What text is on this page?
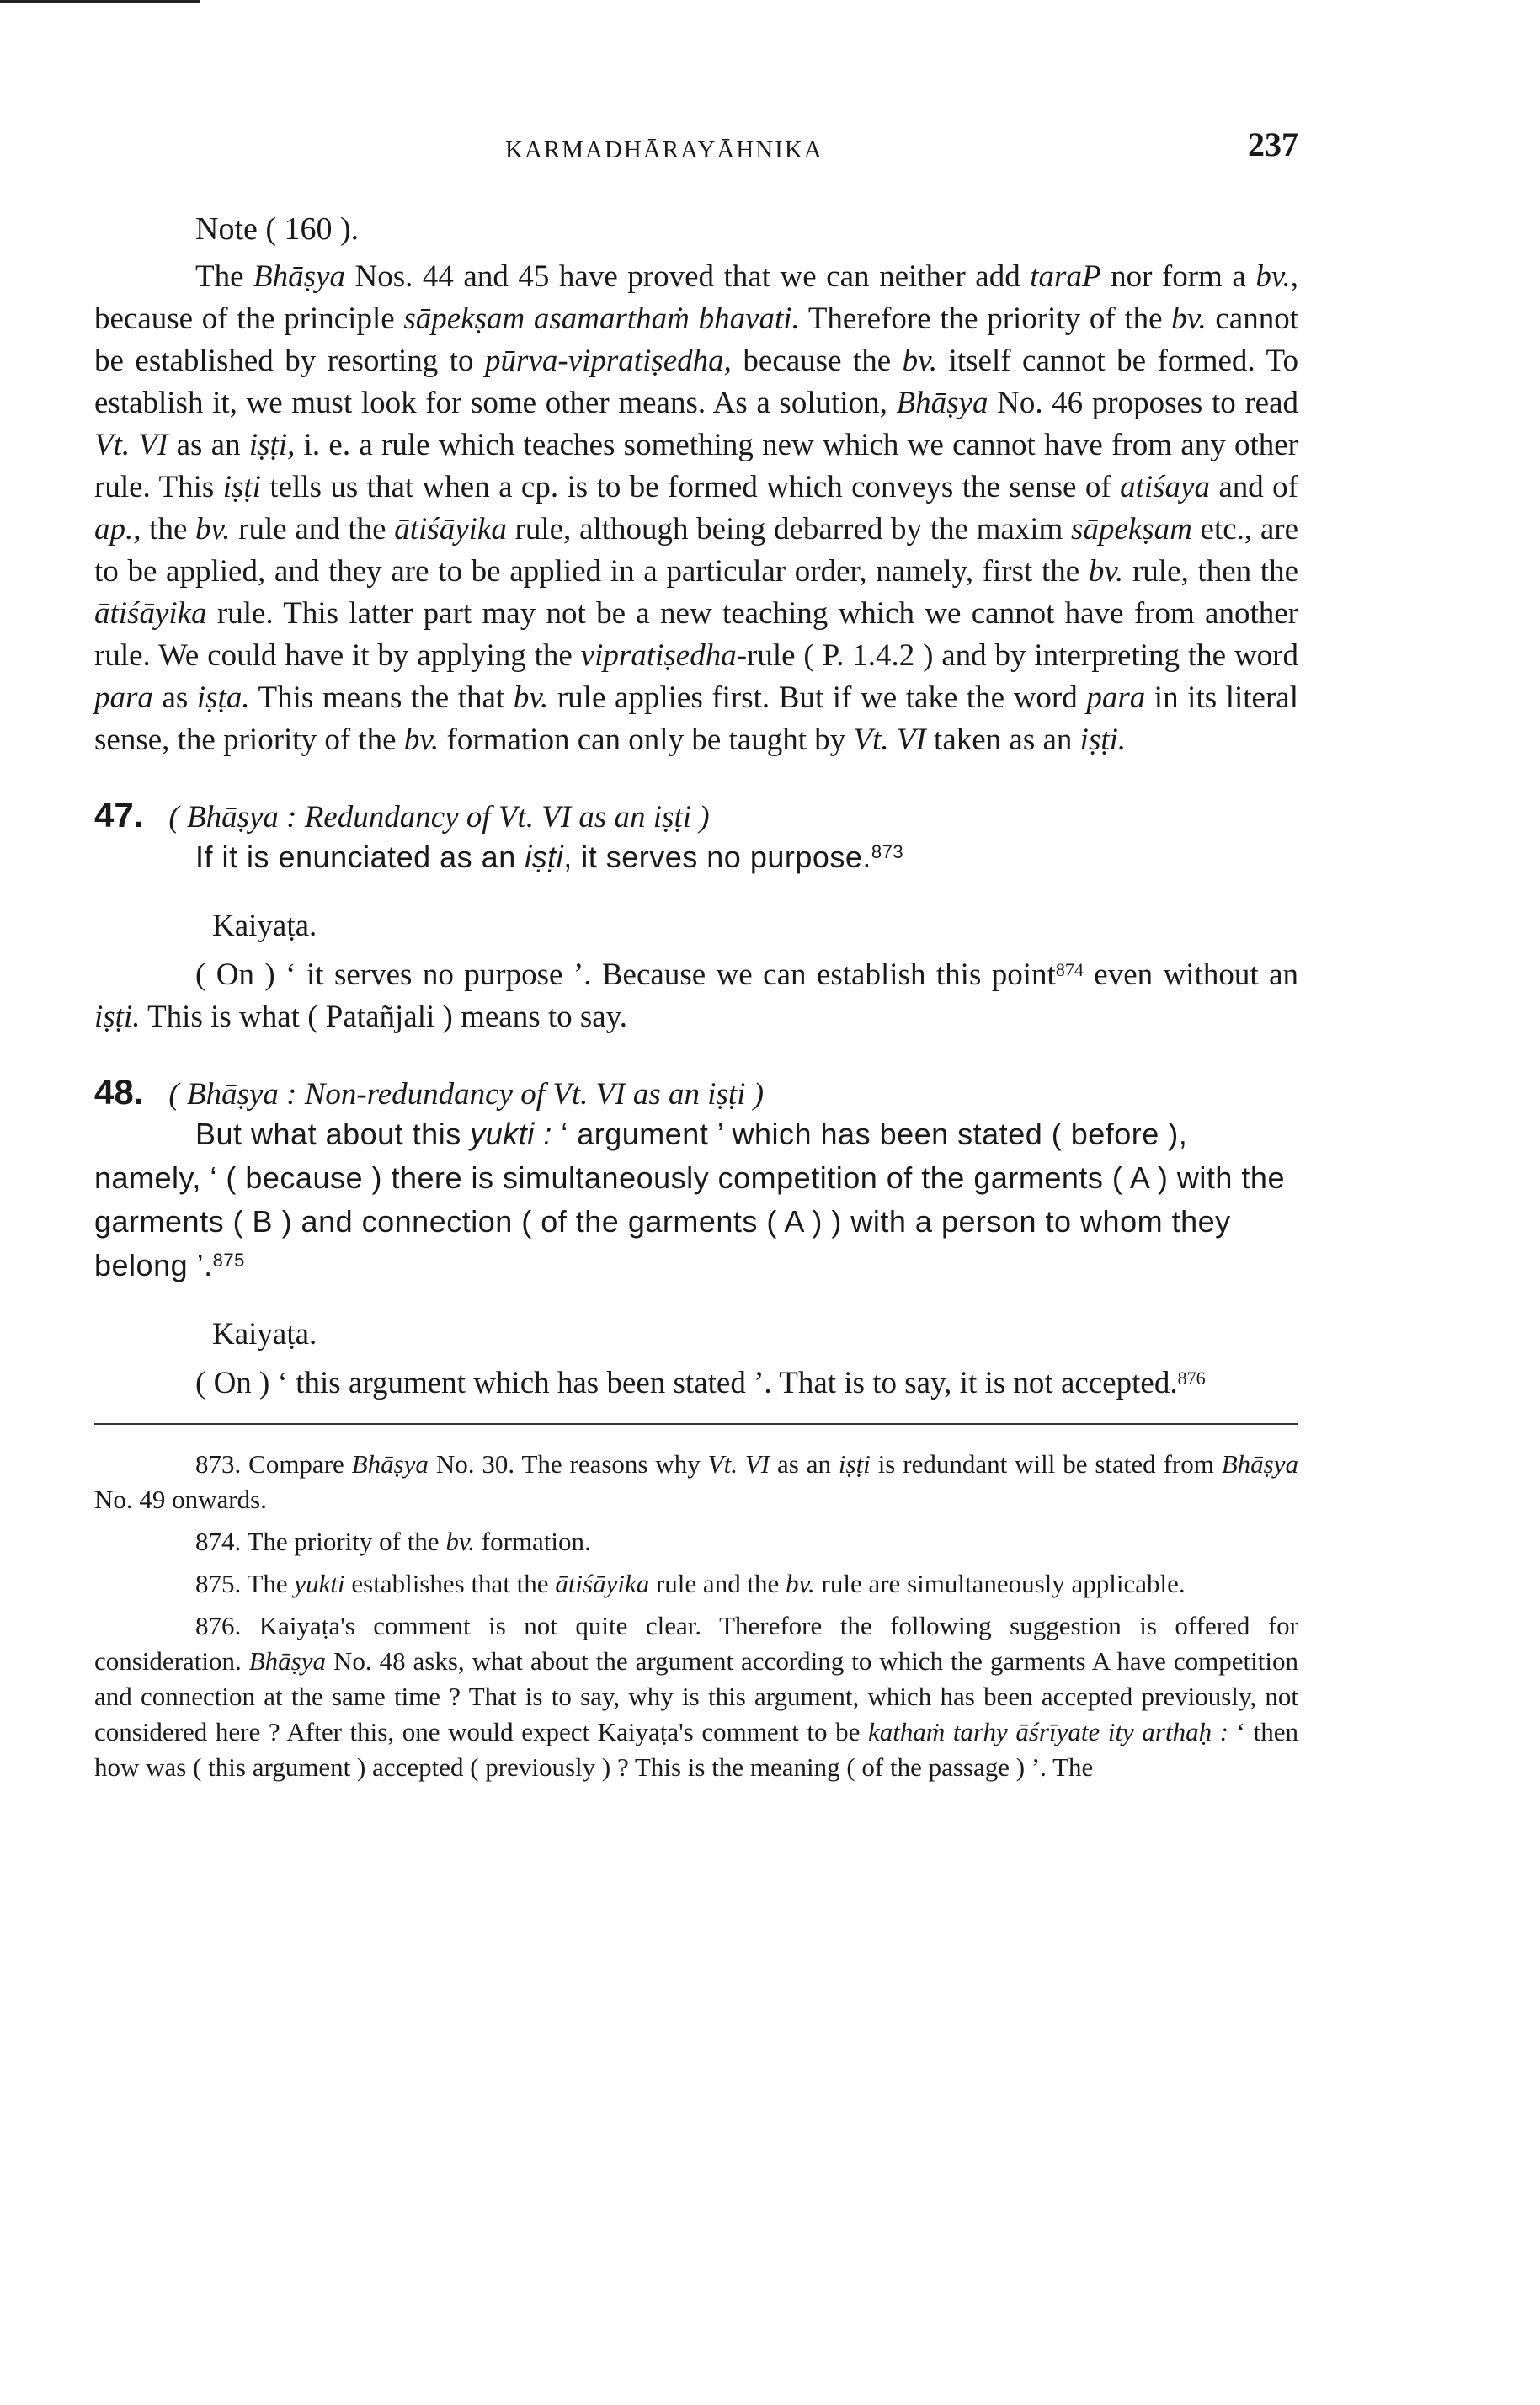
KARMADHĀRAYĀHNIKA	237

Note ( 160 ).

The Bhāṣya Nos. 44 and 45 have proved that we can neither add taraP nor form a bv., because of the principle sāpekṣam asamarthaṁ bhavati. Therefore the priority of the bv. cannot be established by resorting to pūrva-vipratiṣedha, because the bv. itself cannot be formed. To establish it, we must look for some other means. As a solution, Bhāṣya No. 46 proposes to read Vt. VI as an iṣṭi, i. e. a rule which teaches something new which we cannot have from any other rule. This iṣṭi tells us that when a cp. is to be formed which conveys the sense of atiśaya and of ap., the bv. rule and the ātiśāyika rule, although being debarred by the maxim sāpekṣam etc., are to be applied, and they are to be applied in a particular order, namely, first the bv. rule, then the ātiśāyika rule. This latter part may not be a new teaching which we cannot have from another rule. We could have it by applying the vipratiṣedha-rule ( P. 1.4.2 ) and by interpreting the word para as iṣṭa. This means the that bv. rule applies first. But if we take the word para in its literal sense, the priority of the bv. formation can only be taught by Vt. VI taken as an iṣṭi.

47. ( Bhāṣya : Redundancy of Vt. VI as an iṣṭi )

If it is enunciated as an iṣṭi, it serves no purpose.$^{873}$

Kaiyaṭa.

( On ) ‘ it serves no purpose ’. Because we can establish this point$^{874}$ even without an iṣṭi. This is what ( Patañjali ) means to say.

48. ( Bhāṣya : Non-redundancy of Vt. VI as an iṣṭi )

But what about this yukti : ‘ argument ’ which has been stated ( before ), namely, ‘ ( because ) there is simultaneously competition of the garments ( A ) with the garments ( B ) and connection ( of the garments ( A ) ) with a person to whom they belong ’.$^{875}$

Kaiyaṭa.

( On ) ‘ this argument which has been stated ’. That is to say, it is not accepted.$^{876}$

873. Compare Bhāṣya No. 30. The reasons why Vt. VI as an iṣṭi is redundant will be stated from Bhāṣya No. 49 onwards.

874. The priority of the bv. formation.

875. The yukti establishes that the ātiśāyika rule and the bv. rule are simultaneously applicable.

876. Kaiyaṭa's comment is not quite clear. Therefore the following suggestion is offered for consideration. Bhāṣya No. 48 asks, what about the argument according to which the garments A have competition and connection at the same time ? That is to say, why is this argument, which has been accepted previously, not considered here ? After this, one would expect Kaiyaṭa's comment to be kathaṁ tarhy āśrīyate ity arthaḥ : ‘ then how was ( this argument ) accepted ( previously ) ? This is the meaning ( of the passage ) ’. The
